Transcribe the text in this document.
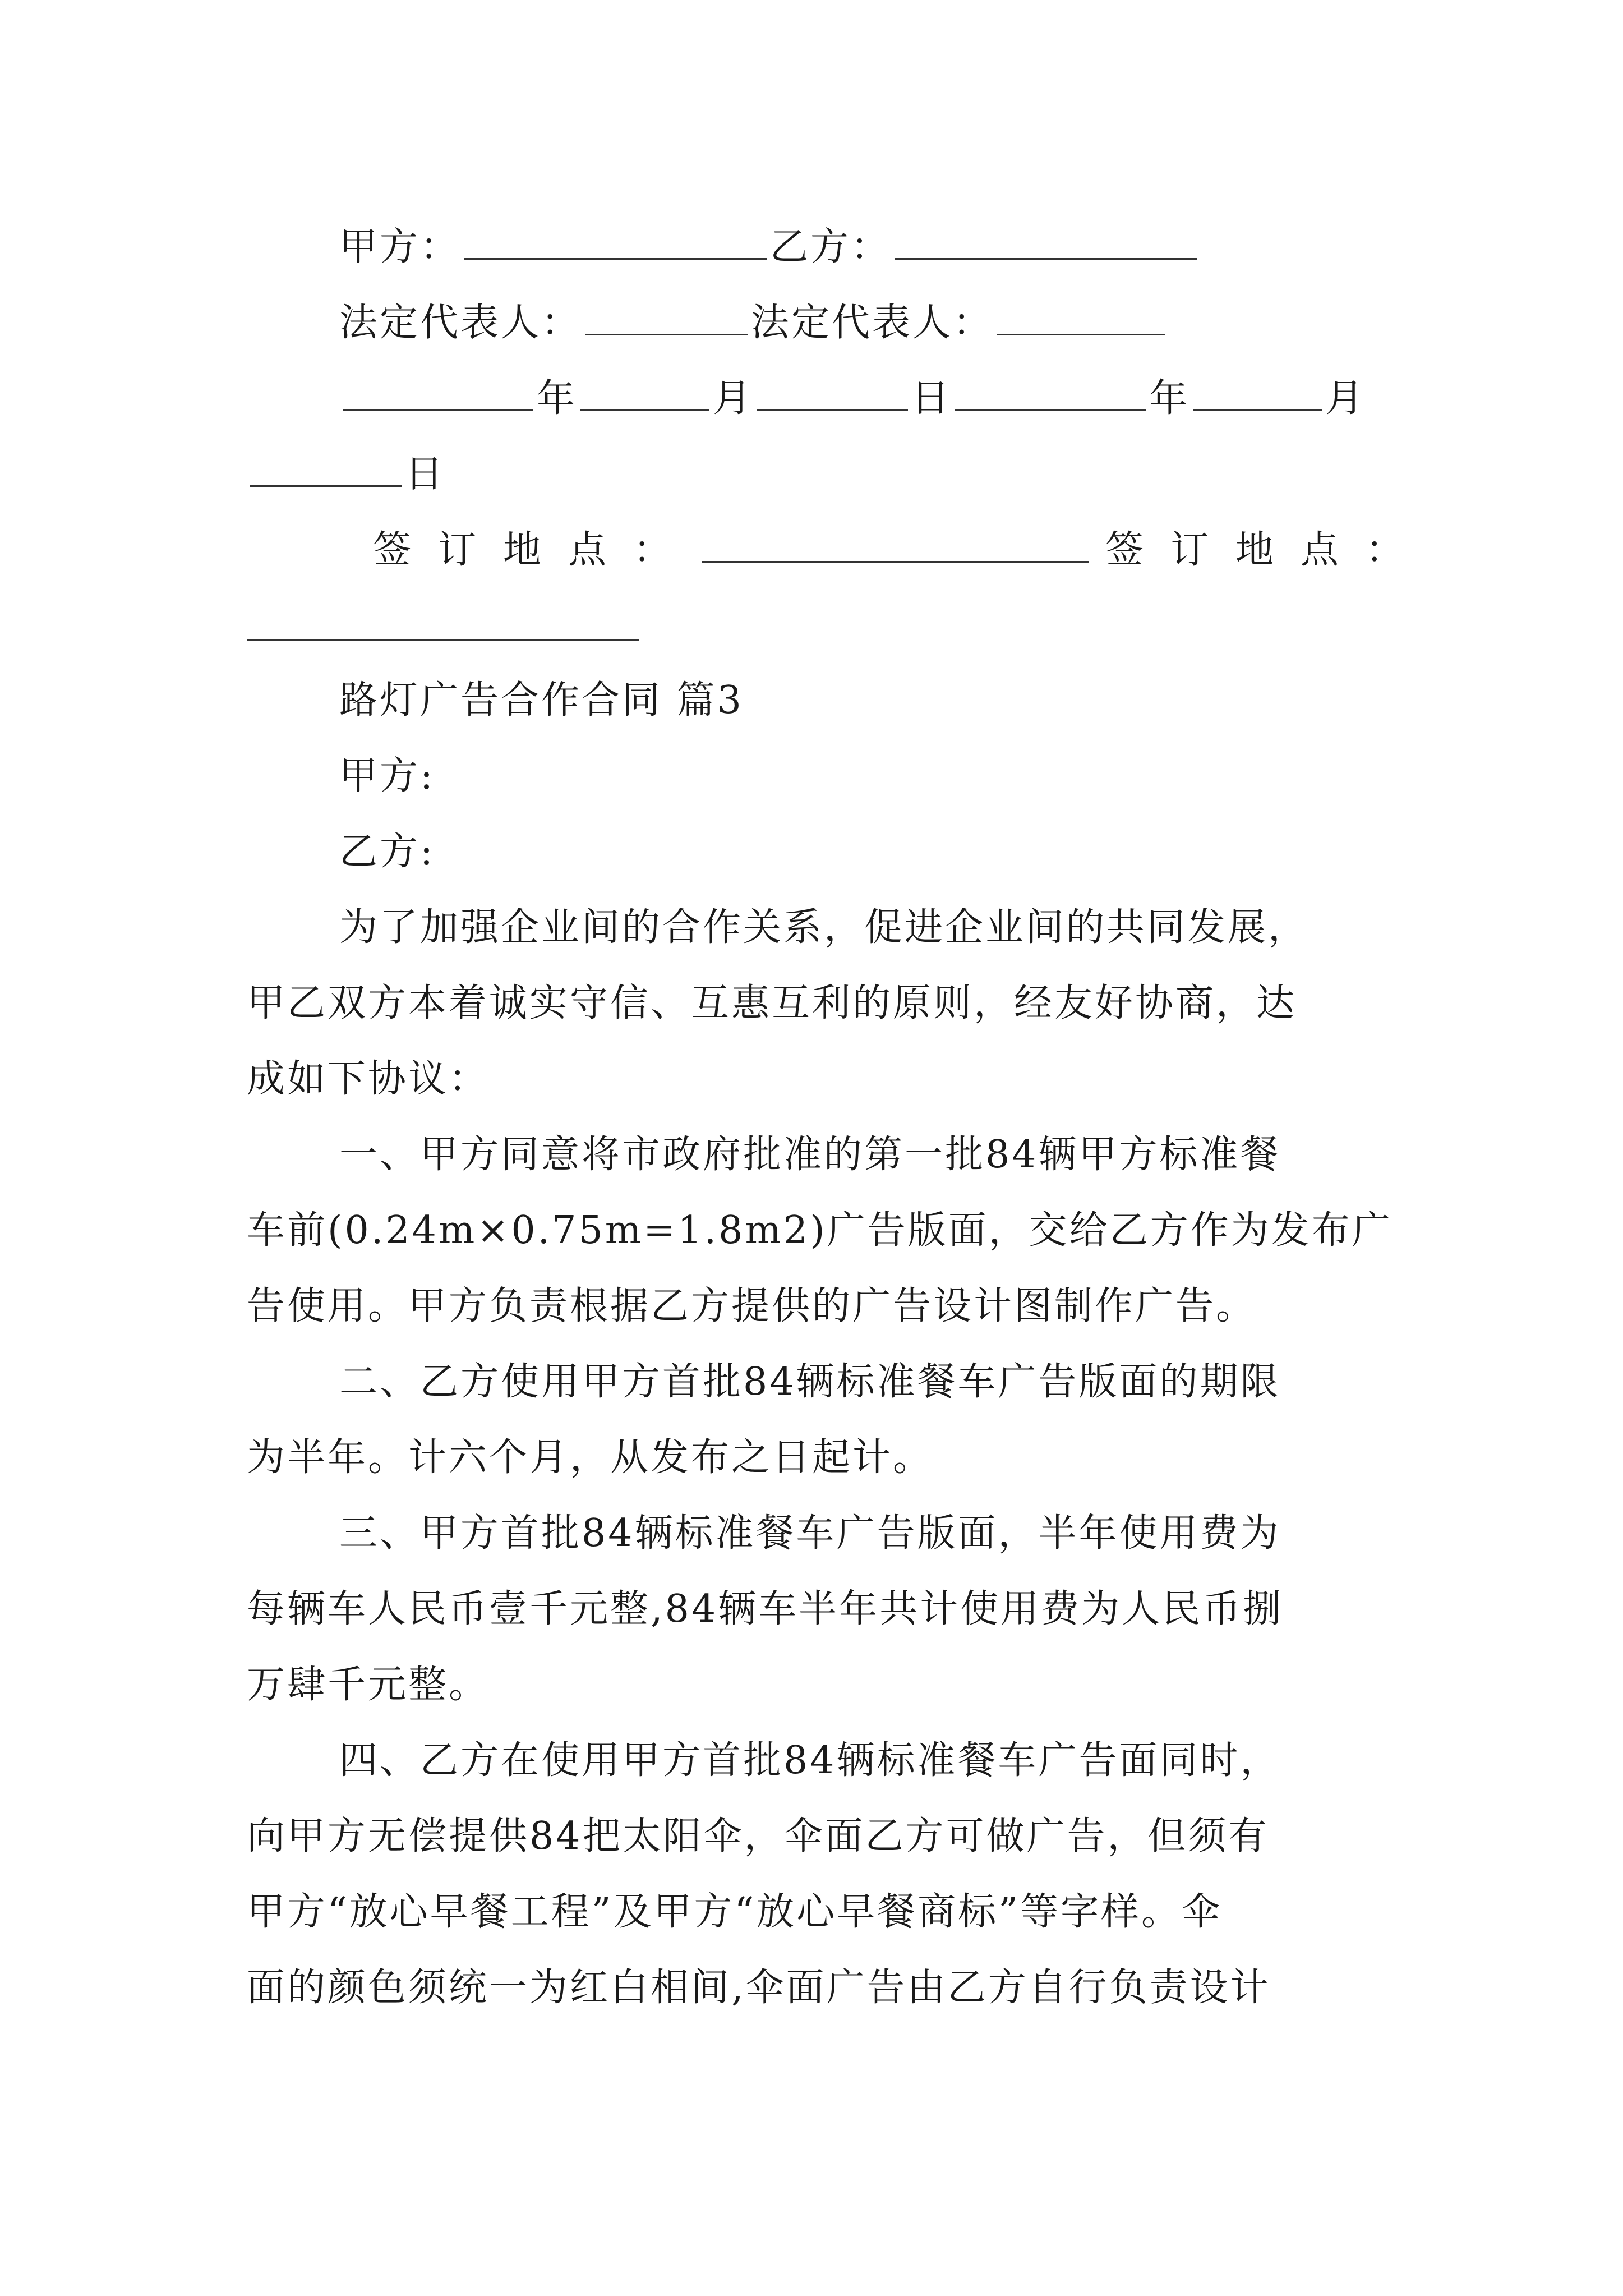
甲方：	乙方：
法定代表人：	法定代表人：
年	月	日	年	月
日
签订地点：	签订地点：
路灯广告合作合同 篇3
甲方:
乙方:
为了加强企业间的合作关系，促进企业间的共同发展，
甲乙双方本着诚实守信、互惠互利的原则，经友好协商，达
成如下协议：
一、甲方同意将市政府批准的第一批84辆甲方标准餐
车前(0.24m×0.75m=1.8m2)广告版面，交给乙方作为发布广
告使用。甲方负责根据乙方提供的广告设计图制作广告。
二、乙方使用甲方首批84辆标准餐车广告版面的期限
为半年。计六个月，从发布之日起计。
三、甲方首批84辆标准餐车广告版面，半年使用费为
每辆车人民币壹千元整,84辆车半年共计使用费为人民币捌
万肆千元整。
四、乙方在使用甲方首批84辆标准餐车广告面同时，
向甲方无偿提供84把太阳伞，伞面乙方可做广告，但须有
甲方“放心早餐工程”及甲方“放心早餐商标”等字样。伞
面的颜色须统一为红白相间,伞面广告由乙方自行负责设计
